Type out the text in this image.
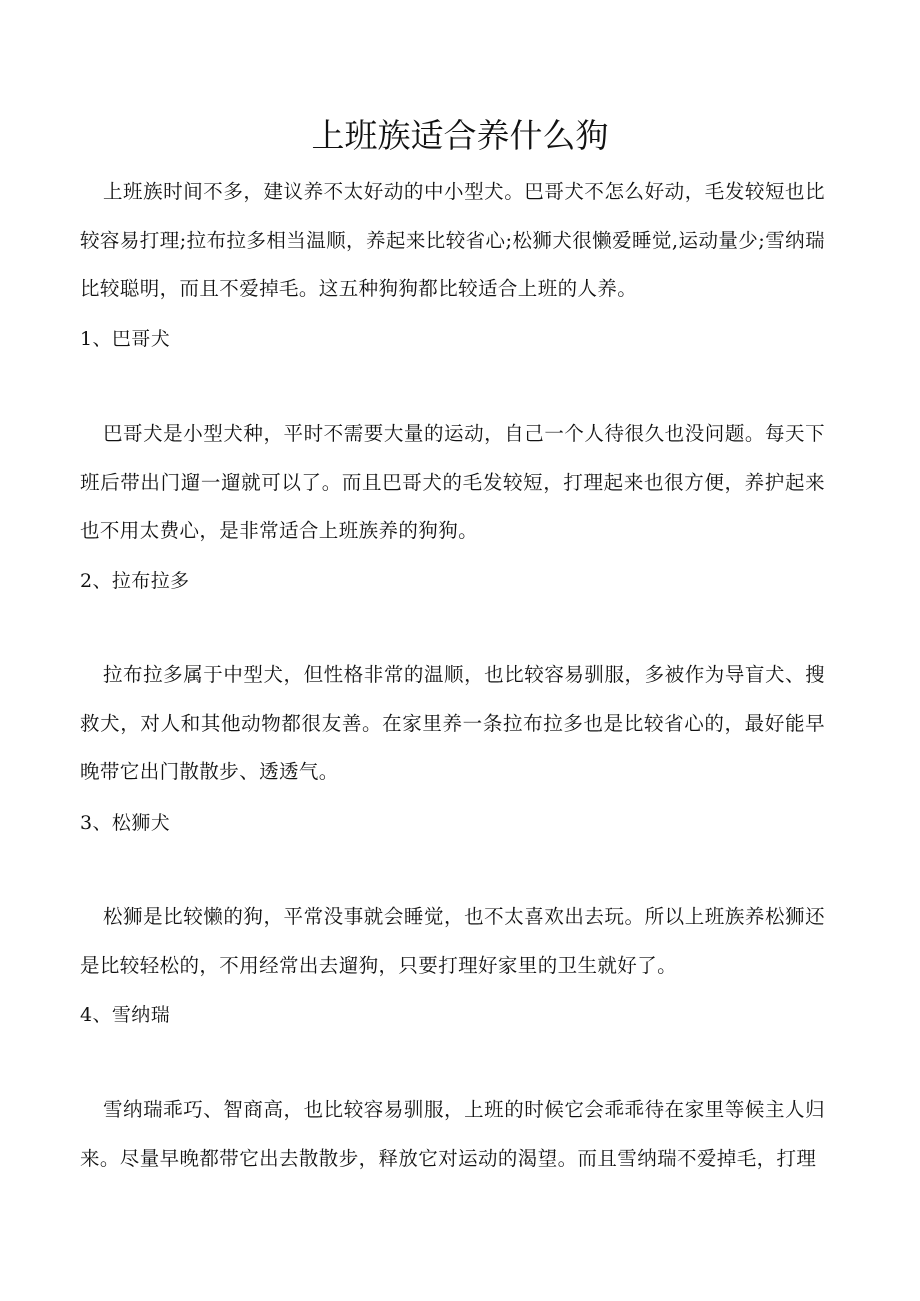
上班族适合养什么狗

上班族时间不多，建议养不太好动的中小型犬。巴哥犬不怎么好动，毛发较短也比较容易打理;拉布拉多相当温顺，养起来比较省心;松狮犬很懒爱睡觉,运动量少;雪纳瑞比较聪明，而且不爱掉毛。这五种狗狗都比较适合上班的人养。

1、巴哥犬

巴哥犬是小型犬种，平时不需要大量的运动，自己一个人待很久也没问题。每天下班后带出门遛一遛就可以了。而且巴哥犬的毛发较短，打理起来也很方便，养护起来也不用太费心，是非常适合上班族养的狗狗。

2、拉布拉多

拉布拉多属于中型犬，但性格非常的温顺，也比较容易驯服，多被作为导盲犬、搜救犬，对人和其他动物都很友善。在家里养一条拉布拉多也是比较省心的，最好能早晚带它出门散散步、透透气。

3、松狮犬

松狮是比较懒的狗，平常没事就会睡觉，也不太喜欢出去玩。所以上班族养松狮还是比较轻松的，不用经常出去遛狗，只要打理好家里的卫生就好了。

4、雪纳瑞

雪纳瑞乖巧、智商高，也比较容易驯服，上班的时候它会乖乖待在家里等候主人归来。尽量早晚都带它出去散散步，释放它对运动的渴望。而且雪纳瑞不爱掉毛，打理
